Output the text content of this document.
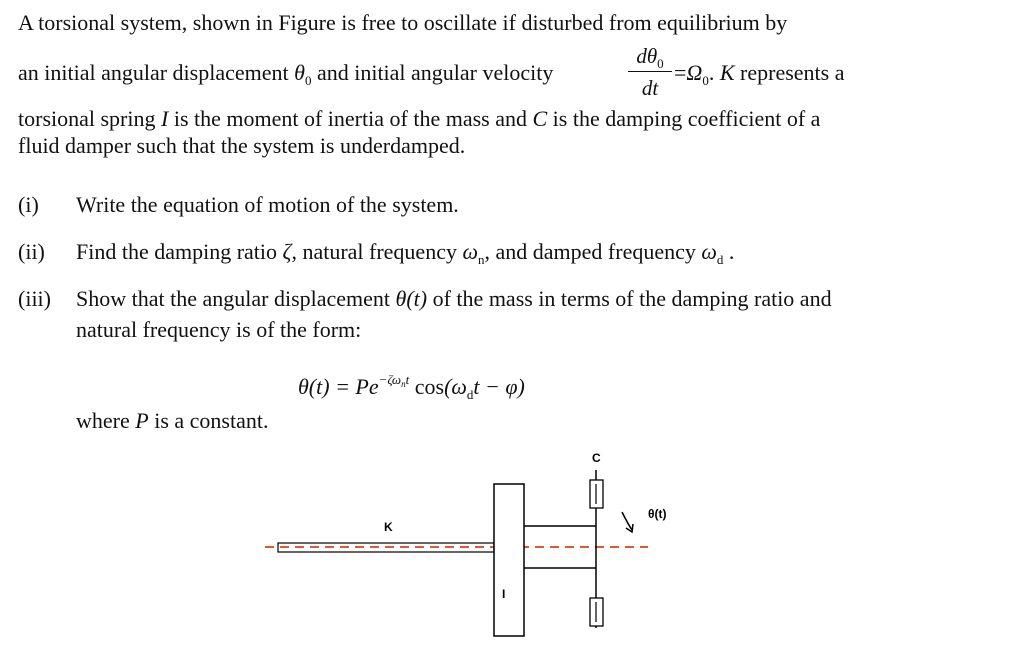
A torsional system, shown in Figure is free to oscillate if disturbed from equilibrium by
an initial angular displacement $\theta_0$ and initial angular velocity
$d\theta_0$
dt
$=\Omega_0$. K represents a
torsional spring I is the moment of inertia of the mass and C is the damping coefficient of a
fluid damper such that the system is underdamped.
(i) Write the equation of motion of the system.
(ii) Find the damping ratio ζ, natural frequency $\omega_n$, and damped frequency $\omega_d$ .
(iii) Show that the angular displacement θ(t) of the mass in terms of the damping ratio and
natural frequency is of the form:
$\theta(t) = Pe^{-\zeta\omega nt}$ $\cos(\omega_dt - \varphi)$
where P is a constant.
C
K
I
θ(t)
